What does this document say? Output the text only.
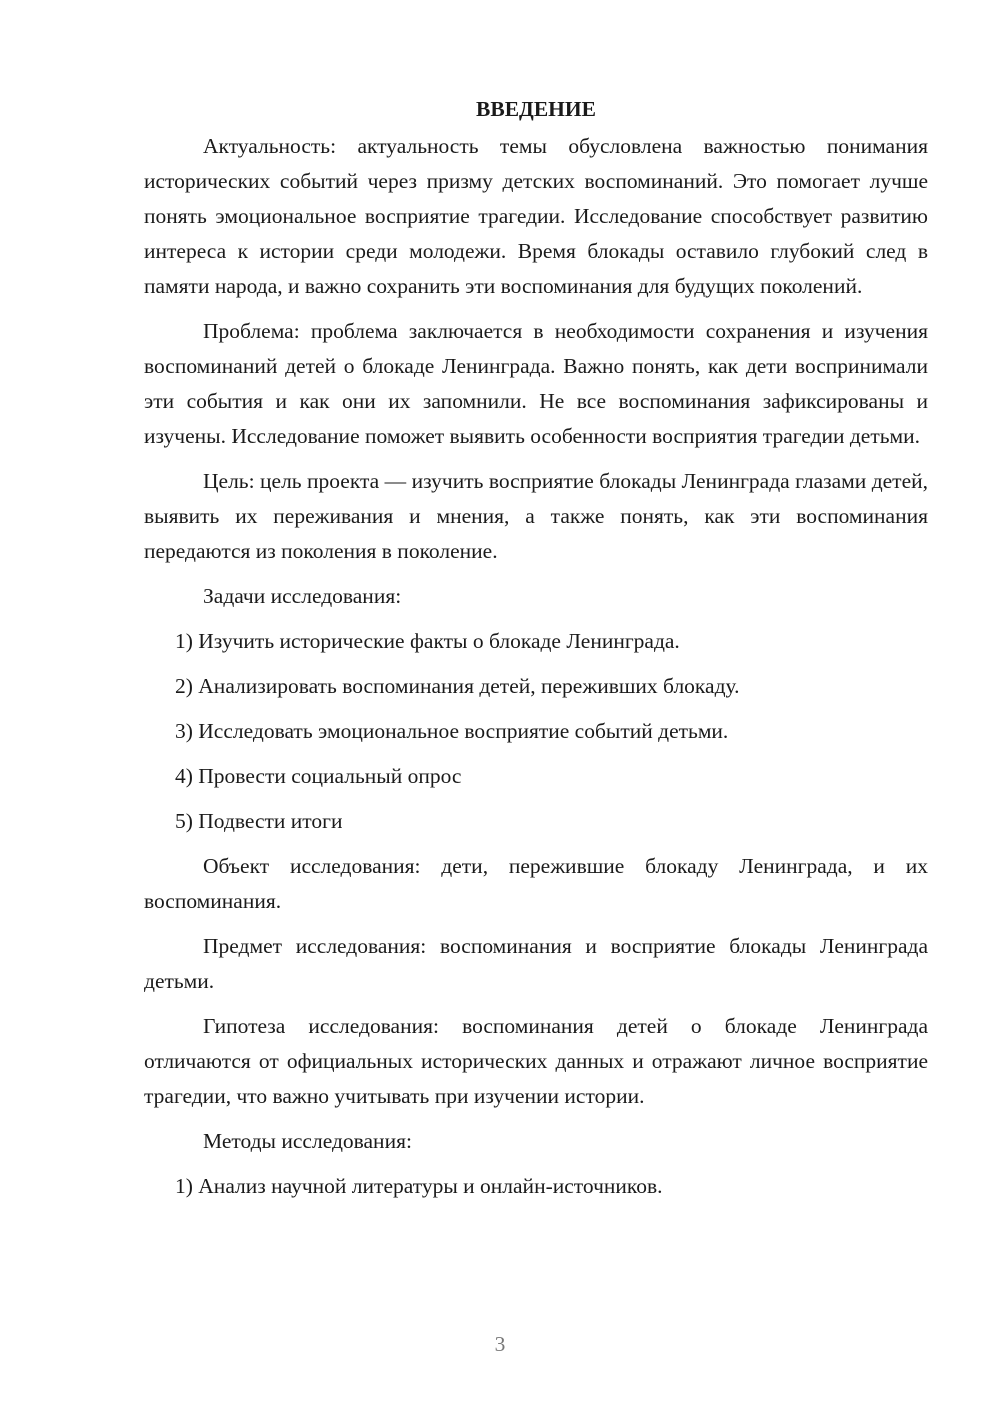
ВВЕДЕНИЕ

Актуальность: актуальность темы обусловлена важностью понимания исторических событий через призму детских воспоминаний. Это помогает лучше понять эмоциональное восприятие трагедии. Исследование способствует развитию интереса к истории среди молодежи. Время блокады оставило глубокий след в памяти народа, и важно сохранить эти воспоминания для будущих поколений.

Проблема: проблема заключается в необходимости сохранения и изучения воспоминаний детей о блокаде Ленинграда. Важно понять, как дети воспринимали эти события и как они их запомнили. Не все воспоминания зафиксированы и изучены. Исследование поможет выявить особенности восприятия трагедии детьми.

Цель: цель проекта — изучить восприятие блокады Ленинграда глазами детей, выявить их переживания и мнения, а также понять, как эти воспоминания передаются из поколения в поколение.

Задачи исследования:

1) Изучить исторические факты о блокаде Ленинграда.

2) Анализировать воспоминания детей, переживших блокаду.

3) Исследовать эмоциональное восприятие событий детьми.

4) Провести социальный опрос

5) Подвести итоги

Объект исследования: дети, пережившие блокаду Ленинграда, и их воспоминания.

Предмет исследования: воспоминания и восприятие блокады Ленинграда детьми.

Гипотеза исследования: воспоминания детей о блокаде Ленинграда отличаются от официальных исторических данных и отражают личное восприятие трагедии, что важно учитывать при изучении истории.

Методы исследования:

1) Анализ научной литературы и онлайн-источников.

3
